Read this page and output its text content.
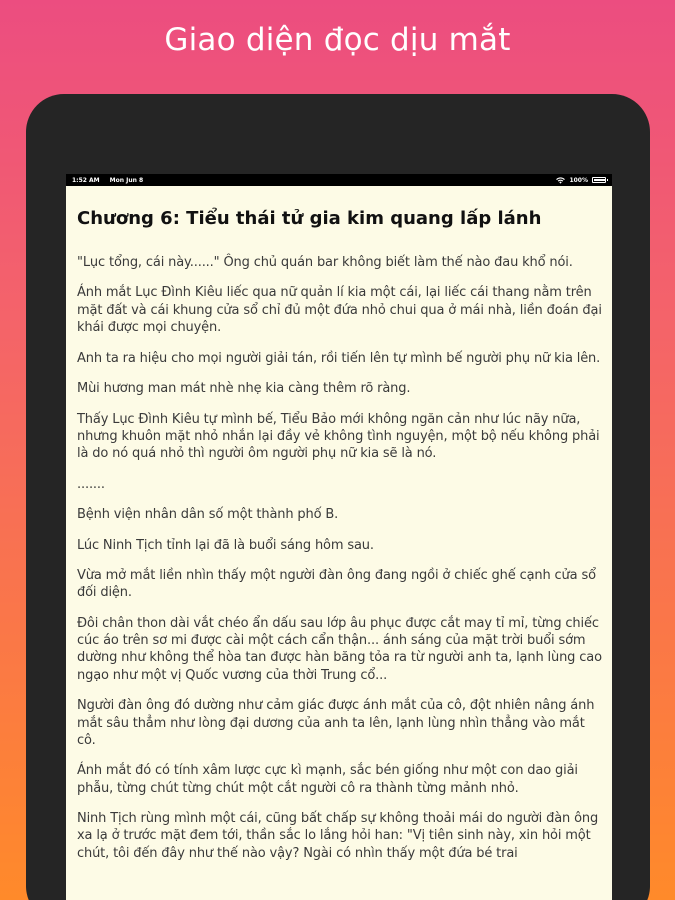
Giao diện đọc dịu mắt
1:52 AM Mon Jun 8	100%
Chương 6: Tiểu thái tử gia kim quang lấp lánh
"Lục tổng, cái này......" Ông chủ quán bar không biết làm thế nào đau khổ nói.
Ánh mắt Lục Đình Kiêu liếc qua nữ quản lí kia một cái, lại liếc cái thang nằm trên mặt đất và cái khung cửa sổ chỉ đủ một đứa nhỏ chui qua ở mái nhà, liền đoán đại khái được mọi chuyện.
Anh ta ra hiệu cho mọi người giải tán, rồi tiến lên tự mình bế người phụ nữ kia lên.
Mùi hương man mát nhè nhẹ kia càng thêm rõ ràng.
Thấy Lục Đình Kiêu tự mình bế, Tiểu Bảo mới không ngăn cản như lúc nãy nữa, nhưng khuôn mặt nhỏ nhắn lại đầy vẻ không tình nguyện, một bộ nếu không phải là do nó quá nhỏ thì người ôm người phụ nữ kia sẽ là nó.
.......
Bệnh viện nhân dân số một thành phố B.
Lúc Ninh Tịch tỉnh lại đã là buổi sáng hôm sau.
Vừa mở mắt liền nhìn thấy một người đàn ông đang ngồi ở chiếc ghế cạnh cửa sổ đối diện.
Đôi chân thon dài vắt chéo ẩn dấu sau lớp âu phục được cắt may tỉ mỉ, từng chiếc cúc áo trên sơ mi được cài một cách cẩn thận... ánh sáng của mặt trời buổi sớm dường như không thể hòa tan được hàn băng tỏa ra từ người anh ta, lạnh lùng cao ngạo như một vị Quốc vương của thời Trung cổ...
Người đàn ông đó dường như cảm giác được ánh mắt của cô, đột nhiên nâng ánh mắt sâu thẳm như lòng đại dương của anh ta lên, lạnh lùng nhìn thẳng vào mắt cô.
Ánh mắt đó có tính xâm lược cực kì mạnh, sắc bén giống như một con dao giải phẫu, từng chút từng chút một cắt người cô ra thành từng mảnh nhỏ.
Ninh Tịch rùng mình một cái, cũng bất chấp sự không thoải mái do người đàn ông xa lạ ở trước mặt đem tới, thần sắc lo lắng hỏi han: "Vị tiên sinh này, xin hỏi một chút, tôi đến đây như thế nào vậy? Ngài có nhìn thấy một đứa bé trai
